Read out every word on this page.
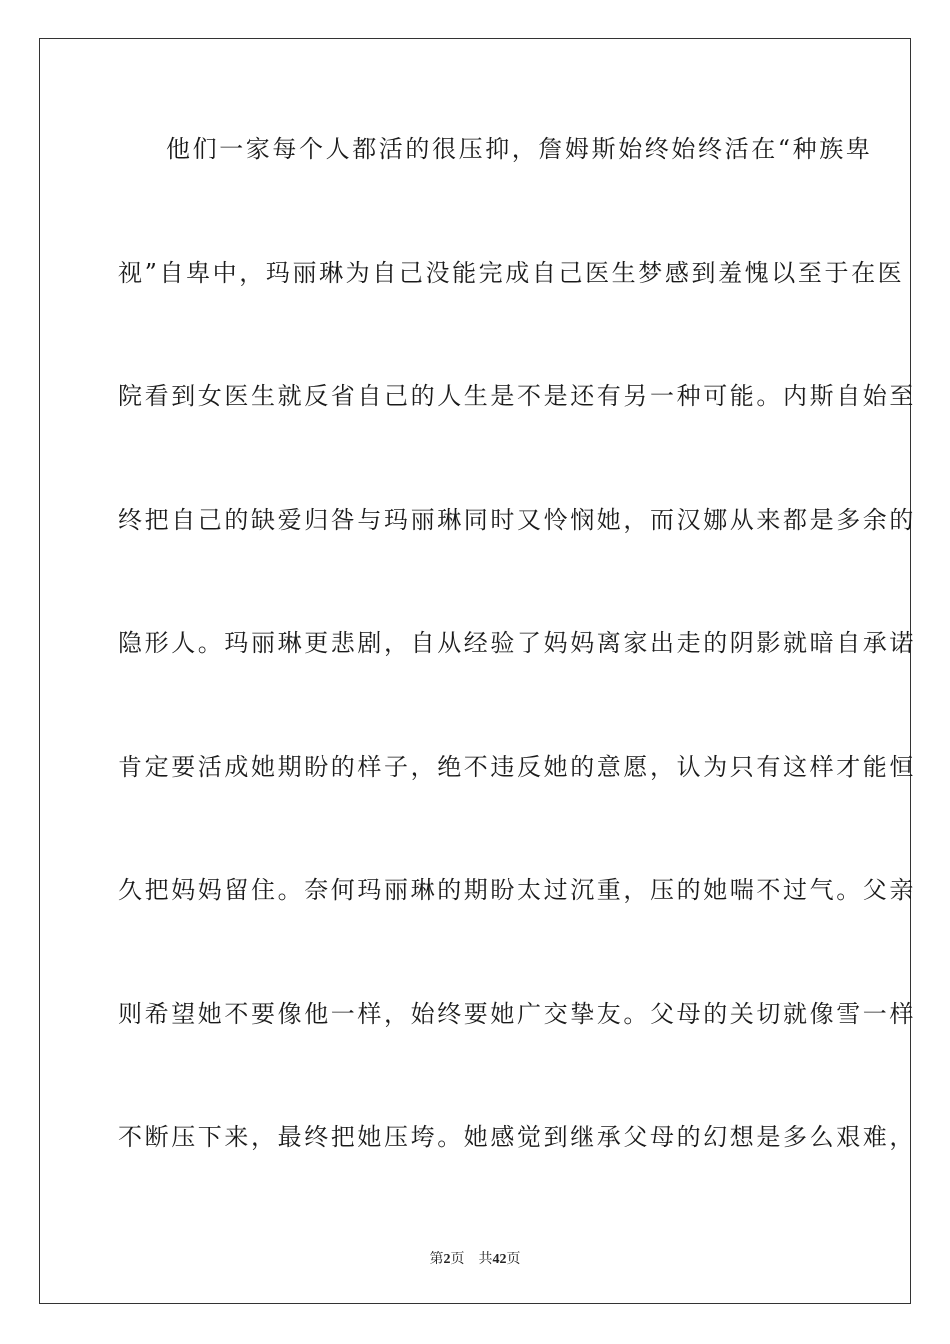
他们一家每个人都活的很压抑，詹姆斯始终始终活在“种族卑
视”自卑中，玛丽琳为自己没能完成自己医生梦感到羞愧以至于在医
院看到女医生就反省自己的人生是不是还有另一种可能。内斯自始至
终把自己的缺爱归咎与玛丽琳同时又怜悯她，而汉娜从来都是多余的
隐形人。玛丽琳更悲剧，自从经验了妈妈离家出走的阴影就暗自承诺
肯定要活成她期盼的样子，绝不违反她的意愿，认为只有这样才能恒
久把妈妈留住。奈何玛丽琳的期盼太过沉重，压的她喘不过气。父亲
则希望她不要像他一样，始终要她广交挚友。父母的关切就像雪一样
不断压下来，最终把她压垮。她感觉到继承父母的幻想是多么艰难，
第2页 共42页
